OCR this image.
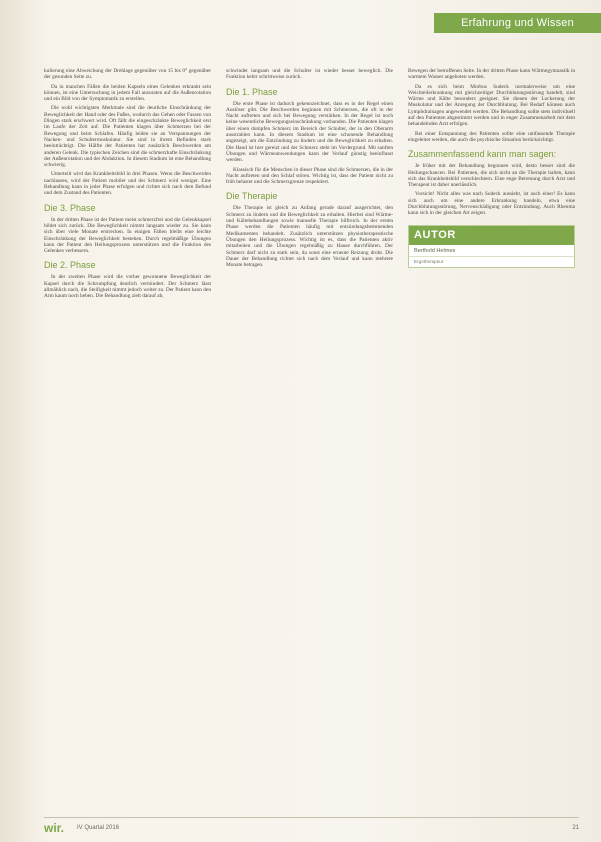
Erfahrung und Wissen

kulierung eine Abweichung der Drehlage gegenüber von 15 bis 0° gegenüber der gesunden Seite zu.

Da in manchen Fällen die beiden Kapseln eines Gelenkes erkrankt sein können, ist eine Untersuchung in jedem Fall anzuraten auf die Außenrotation und ein Bild von der Symptomatik zu erstellen.

Die wohl wichtigsten Merkmale sind die deutliche Einschränkung der Beweglichkeit der Hand oder des Fußes, wodurch das Gehen oder Fassen von Dingen stark erschwert wird. Oft fällt die eingeschränkte Beweglichkeit erst im Laufe der Zeit auf. Die Patienten klagen über Schmerzen bei der Bewegung und beim Schlafen. Häufig leiden sie an Verspannungen der Nacken- und Schultermuskulatur. Sie sind in ihrem Befinden stark beeinträchtigt. Die Hälfte der Patienten hat zusätzlich Beschwerden am anderen Gelenk. Die typischen Zeichen sind die schmerzhafte Einschränkung der Außenrotation und der Abduktion. In diesem Stadium ist eine Behandlung schwierig.

Unterteilt wird das Krankheitsbild in drei Phasen. Wenn die Beschwerden nachlassen, wird der Patient mobiler und der Schmerz wird weniger. Eine Behandlung kann in jeder Phase erfolgen und richtet sich nach dem Befund und dem Zustand des Patienten.

Die 3. Phase

In der dritten Phase ist der Patient meist schmerzfrei und die Gelenkkapsel bildet sich zurück. Die Beweglichkeit nimmt langsam wieder zu. Sie kann sich über viele Monate erstrecken. In einigen Fällen bleibt eine leichte Einschränkung der Beweglichkeit bestehen. Durch regelmäßige Übungen kann der Patient den Heilungsprozess unterstützen und die Funktion des Gelenkes verbessern.

Die 2. Phase

In der zweiten Phase wird die vorher gewonnene Beweglichkeit der Kapsel durch die Schrumpfung deutlich vermindert. Der Schmerz lässt allmählich nach, die Steifigkeit nimmt jedoch weiter zu. Der Patient kann den Arm kaum noch heben. Die Behandlung zielt darauf ab,

schwindet langsam und die Schulter ist wieder besser beweglich. Die Funktion kehrt schrittweise zurück.

Die 1. Phase

Die erste Phase ist dadurch gekennzeichnet, dass es in der Regel einen Auslöser gibt. Die Beschwerden beginnen mit Schmerzen, die oft in der Nacht auftreten und sich bei Bewegung verstärken. In der Regel ist noch keine wesentliche Bewegungseinschränkung vorhanden. Die Patienten klagen über einen dumpfen Schmerz im Bereich der Schulter, der in den Oberarm ausstrahlen kann. In diesem Stadium ist eine schonende Behandlung angezeigt, um die Entzündung zu lindern und die Beweglichkeit zu erhalten. Die Hand ist hier gereizt und der Schmerz steht im Vordergrund. Mit sanften Übungen und Wärmeanwendungen kann der Verlauf günstig beeinflusst werden.

Klassisch für die Menschen in dieser Phase sind die Schmerzen, die in der Nacht auftreten und den Schlaf stören. Wichtig ist, dass der Patient nicht zu früh belastet und die Schmerzgrenze respektiert.

Die Therapie

Die Therapie ist gleich zu Anfang gerade darauf ausgerichtet, den Schmerz zu lindern und die Beweglichkeit zu erhalten. Hierbei sind Wärme- und Kältebehandlungen sowie manuelle Therapie hilfreich. In der ersten Phase werden die Patienten häufig mit entzündungshemmenden Medikamenten behandelt. Zusätzlich unterstützen physiotherapeutische Übungen den Heilungsprozess. Wichtig ist es, dass die Patienten aktiv mitarbeiten und die Übungen regelmäßig zu Hause durchführen. Der Schmerz darf nicht zu stark sein, da sonst eine erneute Reizung droht. Die Dauer der Behandlung richtet sich nach dem Verlauf und kann mehrere Monate betragen.

Bewegen der betroffenen Seite. In der dritten Phase kann Wärmegymnastik in warmem Wasser angeboten werden.

Da es sich beim Morbus Sudeck normalerweise um eine Weichteilerkrankung mit gleichzeitiger Durchblutungsstörung handelt, sind Wärme und Kälte besonders geeignet. Sie dienen der Lockerung der Muskulatur und der Anregung der Durchblutung. Bei Bedarf können auch Lymphdrainagen angewendet werden. Die Behandlung sollte stets individuell auf den Patienten abgestimmt werden und in enger Zusammenarbeit mit dem behandelnden Arzt erfolgen.

Bei einer Entspannung des Patienten sollte eine umfassende Therapie eingeleitet werden, die auch die psychische Situation berücksichtigt.

Zusammenfassend kann man sagen:

Je früher mit der Behandlung begonnen wird, desto besser sind die Heilungschancen. Bei Patienten, die sich nicht an die Therapie halten, kann sich das Krankheitsbild verschlechtern. Eine enge Betreuung durch Arzt und Therapeut ist daher unerlässlich.

Vorsicht! Nicht alles was nach Sudeck aussieht, ist auch einer! Es kann sich auch um eine andere Erkrankung handeln, etwa eine Durchblutungsstörung, Nervenschädigung oder Entzündung. Auch Rheuma kann sich in der gleichen Art zeigen.

AUTOR
Berthold Helmes
Ergotherapeut
wir. IV Quartal 2016	21
